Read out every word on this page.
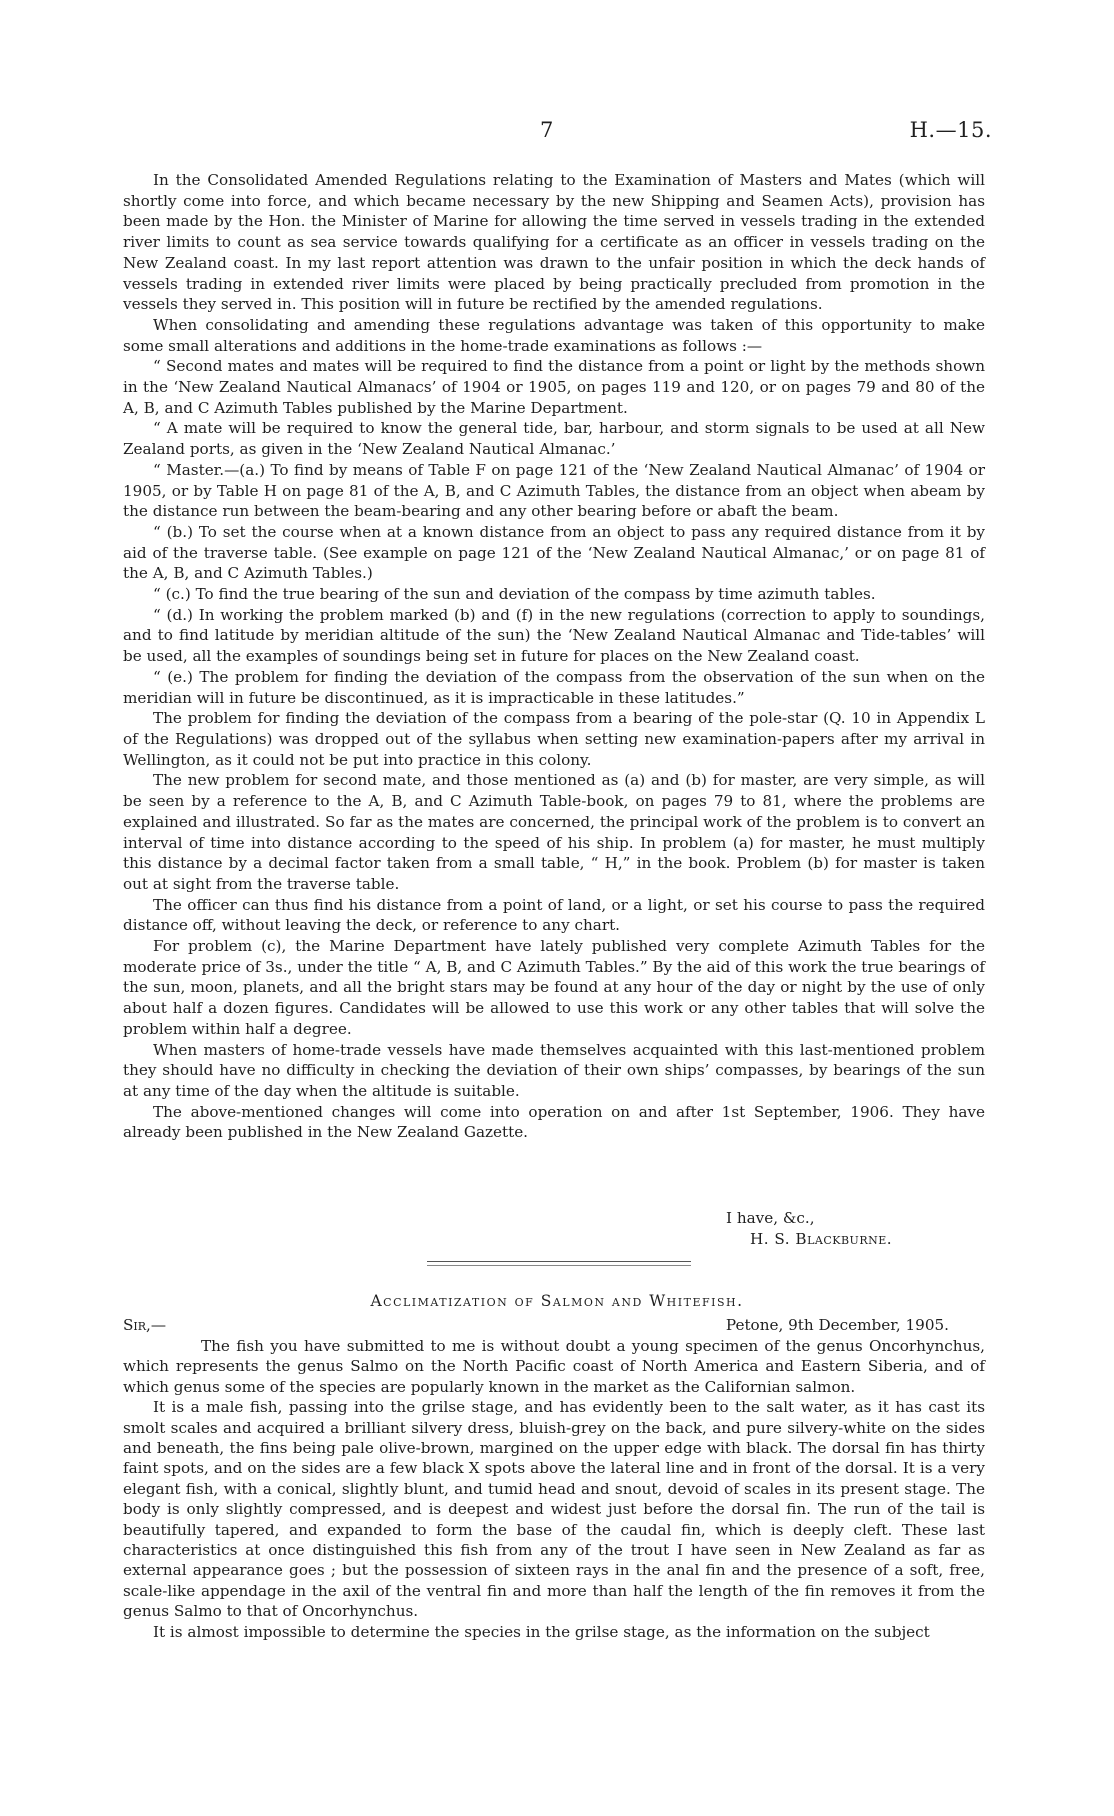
7	H.—15.

In the Consolidated Amended Regulations relating to the Examination of Masters and Mates (which will shortly come into force, and which became necessary by the new Shipping and Seamen Acts), provision has been made by the Hon. the Minister of Marine for allowing the time served in vessels trading in the extended river limits to count as sea service towards qualifying for a certificate as an officer in vessels trading on the New Zealand coast. In my last report attention was drawn to the unfair position in which the deck hands of vessels trading in extended river limits were placed by being practically precluded from promotion in the vessels they served in. This position will in future be rectified by the amended regulations.

When consolidating and amending these regulations advantage was taken of this opportunity to make some small alterations and additions in the home-trade examinations as follows :—

“ Second mates and mates will be required to find the distance from a point or light by the methods shown in the ‘New Zealand Nautical Almanacs’ of 1904 or 1905, on pages 119 and 120, or on pages 79 and 80 of the A, B, and C Azimuth Tables published by the Marine Department.

“ A mate will be required to know the general tide, bar, harbour, and storm signals to be used at all New Zealand ports, as given in the ‘New Zealand Nautical Almanac.’

“ Master.—(a.) To find by means of Table F on page 121 of the ‘New Zealand Nautical Almanac’ of 1904 or 1905, or by Table H on page 81 of the A, B, and C Azimuth Tables, the distance from an object when abeam by the distance run between the beam-bearing and any other bearing before or abaft the beam.

“ (b.) To set the course when at a known distance from an object to pass any required distance from it by aid of the traverse table. (See example on page 121 of the ‘New Zealand Nautical Almanac,’ or on page 81 of the A, B, and C Azimuth Tables.)

“ (c.) To find the true bearing of the sun and deviation of the compass by time azimuth tables.

“ (d.) In working the problem marked (b) and (f) in the new regulations (correction to apply to soundings, and to find latitude by meridian altitude of the sun) the ‘New Zealand Nautical Almanac and Tide-tables’ will be used, all the examples of soundings being set in future for places on the New Zealand coast.

“ (e.) The problem for finding the deviation of the compass from the observation of the sun when on the meridian will in future be discontinued, as it is impracticable in these latitudes.”

The problem for finding the deviation of the compass from a bearing of the pole-star (Q. 10 in Appendix L of the Regulations) was dropped out of the syllabus when setting new examination-papers after my arrival in Wellington, as it could not be put into practice in this colony.

The new problem for second mate, and those mentioned as (a) and (b) for master, are very simple, as will be seen by a reference to the A, B, and C Azimuth Table-book, on pages 79 to 81, where the problems are explained and illustrated. So far as the mates are concerned, the principal work of the problem is to convert an interval of time into distance according to the speed of his ship. In problem (a) for master, he must multiply this distance by a decimal factor taken from a small table, “ H,” in the book. Problem (b) for master is taken out at sight from the traverse table.

The officer can thus find his distance from a point of land, or a light, or set his course to pass the required distance off, without leaving the deck, or reference to any chart.

For problem (c), the Marine Department have lately published very complete Azimuth Tables for the moderate price of 3s., under the title “ A, B, and C Azimuth Tables.” By the aid of this work the true bearings of the sun, moon, planets, and all the bright stars may be found at any hour of the day or night by the use of only about half a dozen figures. Candidates will be allowed to use this work or any other tables that will solve the problem within half a degree.

When masters of home-trade vessels have made themselves acquainted with this last-mentioned problem they should have no difficulty in checking the deviation of their own ships’ compasses, by bearings of the sun at any time of the day when the altitude is suitable.

The above-mentioned changes will come into operation on and after 1st September, 1906. They have already been published in the New Zealand Gazette.

I have, &c.,
H. S. Blackburne.
Acclimatization of Salmon and Whitefish.
Sir,—	Petone, 9th December, 1905.

The fish you have submitted to me is without doubt a young specimen of the genus Oncorhynchus, which represents the genus Salmo on the North Pacific coast of North America and Eastern Siberia, and of which genus some of the species are popularly known in the market as the Californian salmon.

It is a male fish, passing into the grilse stage, and has evidently been to the salt water, as it has cast its smolt scales and acquired a brilliant silvery dress, bluish-grey on the back, and pure silvery-white on the sides and beneath, the fins being pale olive-brown, margined on the upper edge with black. The dorsal fin has thirty faint spots, and on the sides are a few black X spots above the lateral line and in front of the dorsal. It is a very elegant fish, with a conical, slightly blunt, and tumid head and snout, devoid of scales in its present stage. The body is only slightly compressed, and is deepest and widest just before the dorsal fin. The run of the tail is beautifully tapered, and expanded to form the base of the caudal fin, which is deeply cleft. These last characteristics at once distinguished this fish from any of the trout I have seen in New Zealand as far as external appearance goes ; but the possession of sixteen rays in the anal fin and the presence of a soft, free, scale-like appendage in the axil of the ventral fin and more than half the length of the fin removes it from the genus Salmo to that of Oncorhynchus.

It is almost impossible to determine the species in the grilse stage, as the information on the subject
